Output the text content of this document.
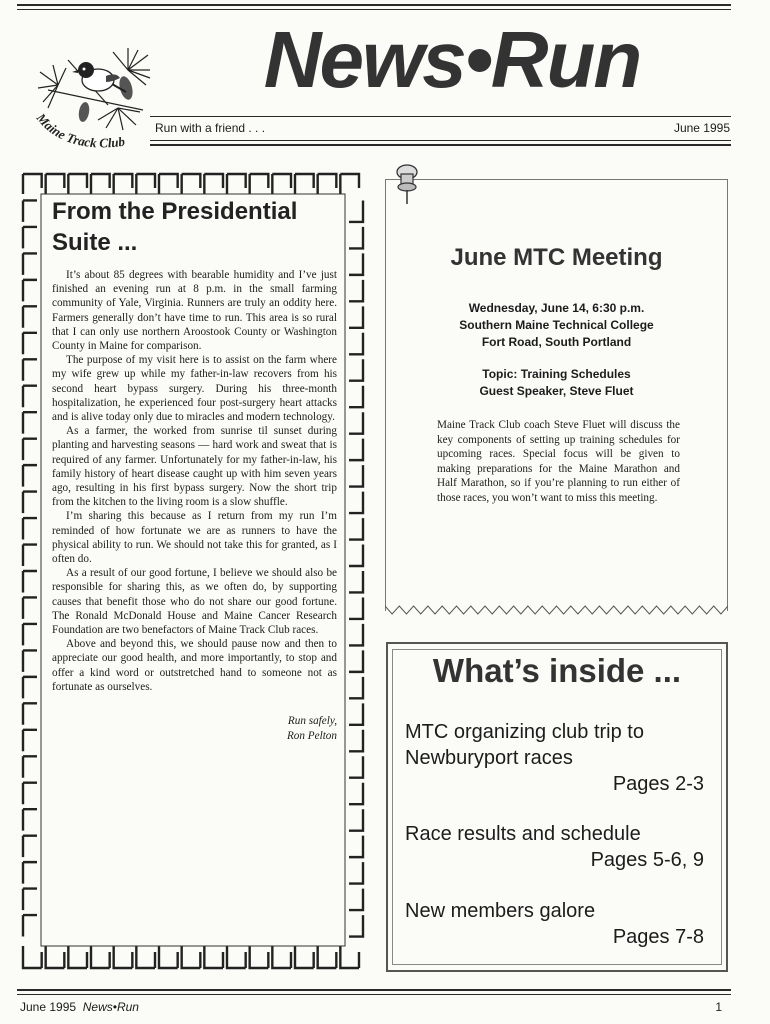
Maine Track Club
News•Run
Run with a friend . . .	June 1995
From the Presidential
Suite ...

It’s about 85 degrees with bearable humidity and I’ve just finished an evening run at 8 p.m. in the small farming community of Yale, Virginia. Runners are truly an oddity here. Farmers generally don’t have time to run. This area is so rural that I can only use northern Aroostook County or Washington County in Maine for comparison.

The purpose of my visit here is to assist on the farm where my wife grew up while my father-in-law recovers from his second heart bypass surgery. During his three-month hospitalization, he experienced four post-surgery heart attacks and is alive today only due to miracles and modern technology.

As a farmer, the worked from sunrise til sunset during planting and harvesting seasons — hard work and sweat that is required of any farmer. Unfortunately for my father-in-law, his family history of heart disease caught up with him seven years ago, resulting in his first bypass surgery. Now the short trip from the kitchen to the living room is a slow shuffle.

I’m sharing this because as I return from my run I’m reminded of how fortunate we are as runners to have the physical ability to run. We should not take this for granted, as I often do.

As a result of our good fortune, I believe we should also be responsible for sharing this, as we often do, by supporting causes that benefit those who do not share our good fortune. The Ronald McDonald House and Maine Cancer Research Foundation are two benefactors of Maine Track Club races.

Above and beyond this, we should pause now and then to appreciate our good health, and more importantly, to stop and offer a kind word or outstretched hand to someone not as fortunate as ourselves.

Run safely,
Ron Pelton
June MTC Meeting
Wednesday, June 14, 6:30 p.m.
Southern Maine Technical College
Fort Road, South Portland
Topic: Training Schedules
Guest Speaker, Steve Fluet
Maine Track Club coach Steve Fluet will discuss the key components of setting up training schedules for upcoming races. Special focus will be given to making preparations for the Maine Marathon and Half Marathon, so if you’re planning to run either of those races, you won’t want to miss this meeting.
What’s inside ...
MTC organizing club trip to
Newburyport races
Pages 2-3
Race results and schedule
Pages 5-6, 9
New members galore
Pages 7-8
June 1995 News•Run	1
